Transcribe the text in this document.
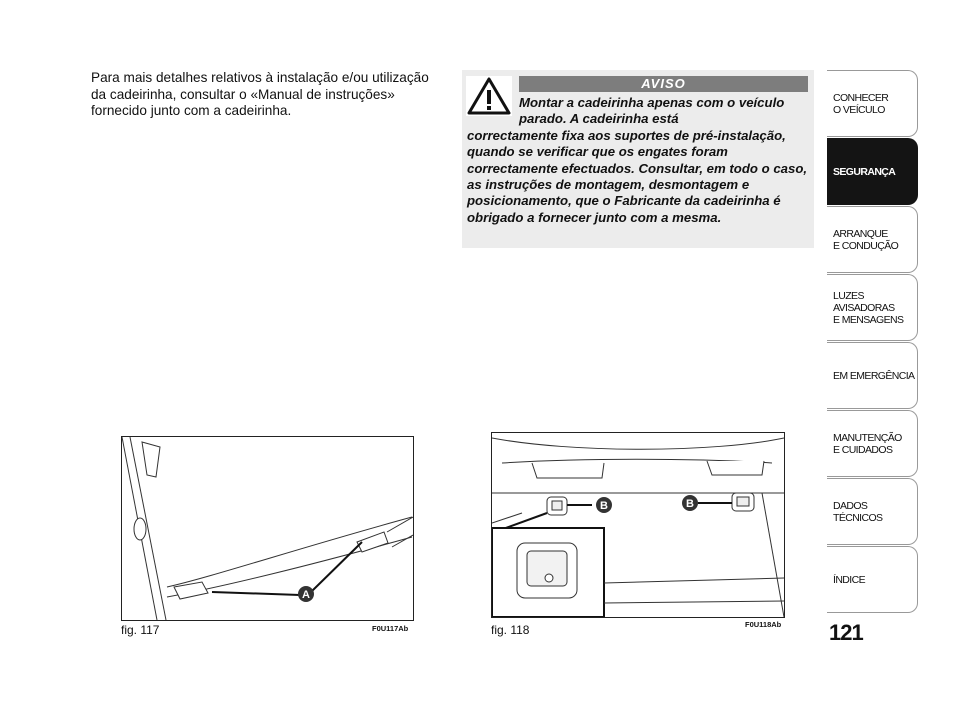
Para mais detalhes relativos à instalação e/ou utilização da cadeirinha, consultar o «Manual de instruções» fornecido junto com a cadeirinha.
AVISO
Montar a cadeirinha apenas com o veículo parado. A cadeirinha está
correctamente fixa aos suportes de pré-instalação, quando se verificar que os engates foram correctamente efectuados. Consultar, em todo o caso, as instruções de montagem, desmontagem e posicionamento, que o Fabricante da cadeirinha é obrigado a fornecer junto com a mesma.
A
fig. 117	F0U117Ab
B	B
fig. 118	F0U118Ab
CONHECER
O VEÍCULO
SEGURANÇA
ARRANQUE
E CONDUÇÃO
LUZES
AVISADORAS
E MENSAGENS
EM EMERGÊNCIA
MANUTENÇÃO
E CUIDADOS
DADOS
TÉCNICOS
ÍNDICE
121
